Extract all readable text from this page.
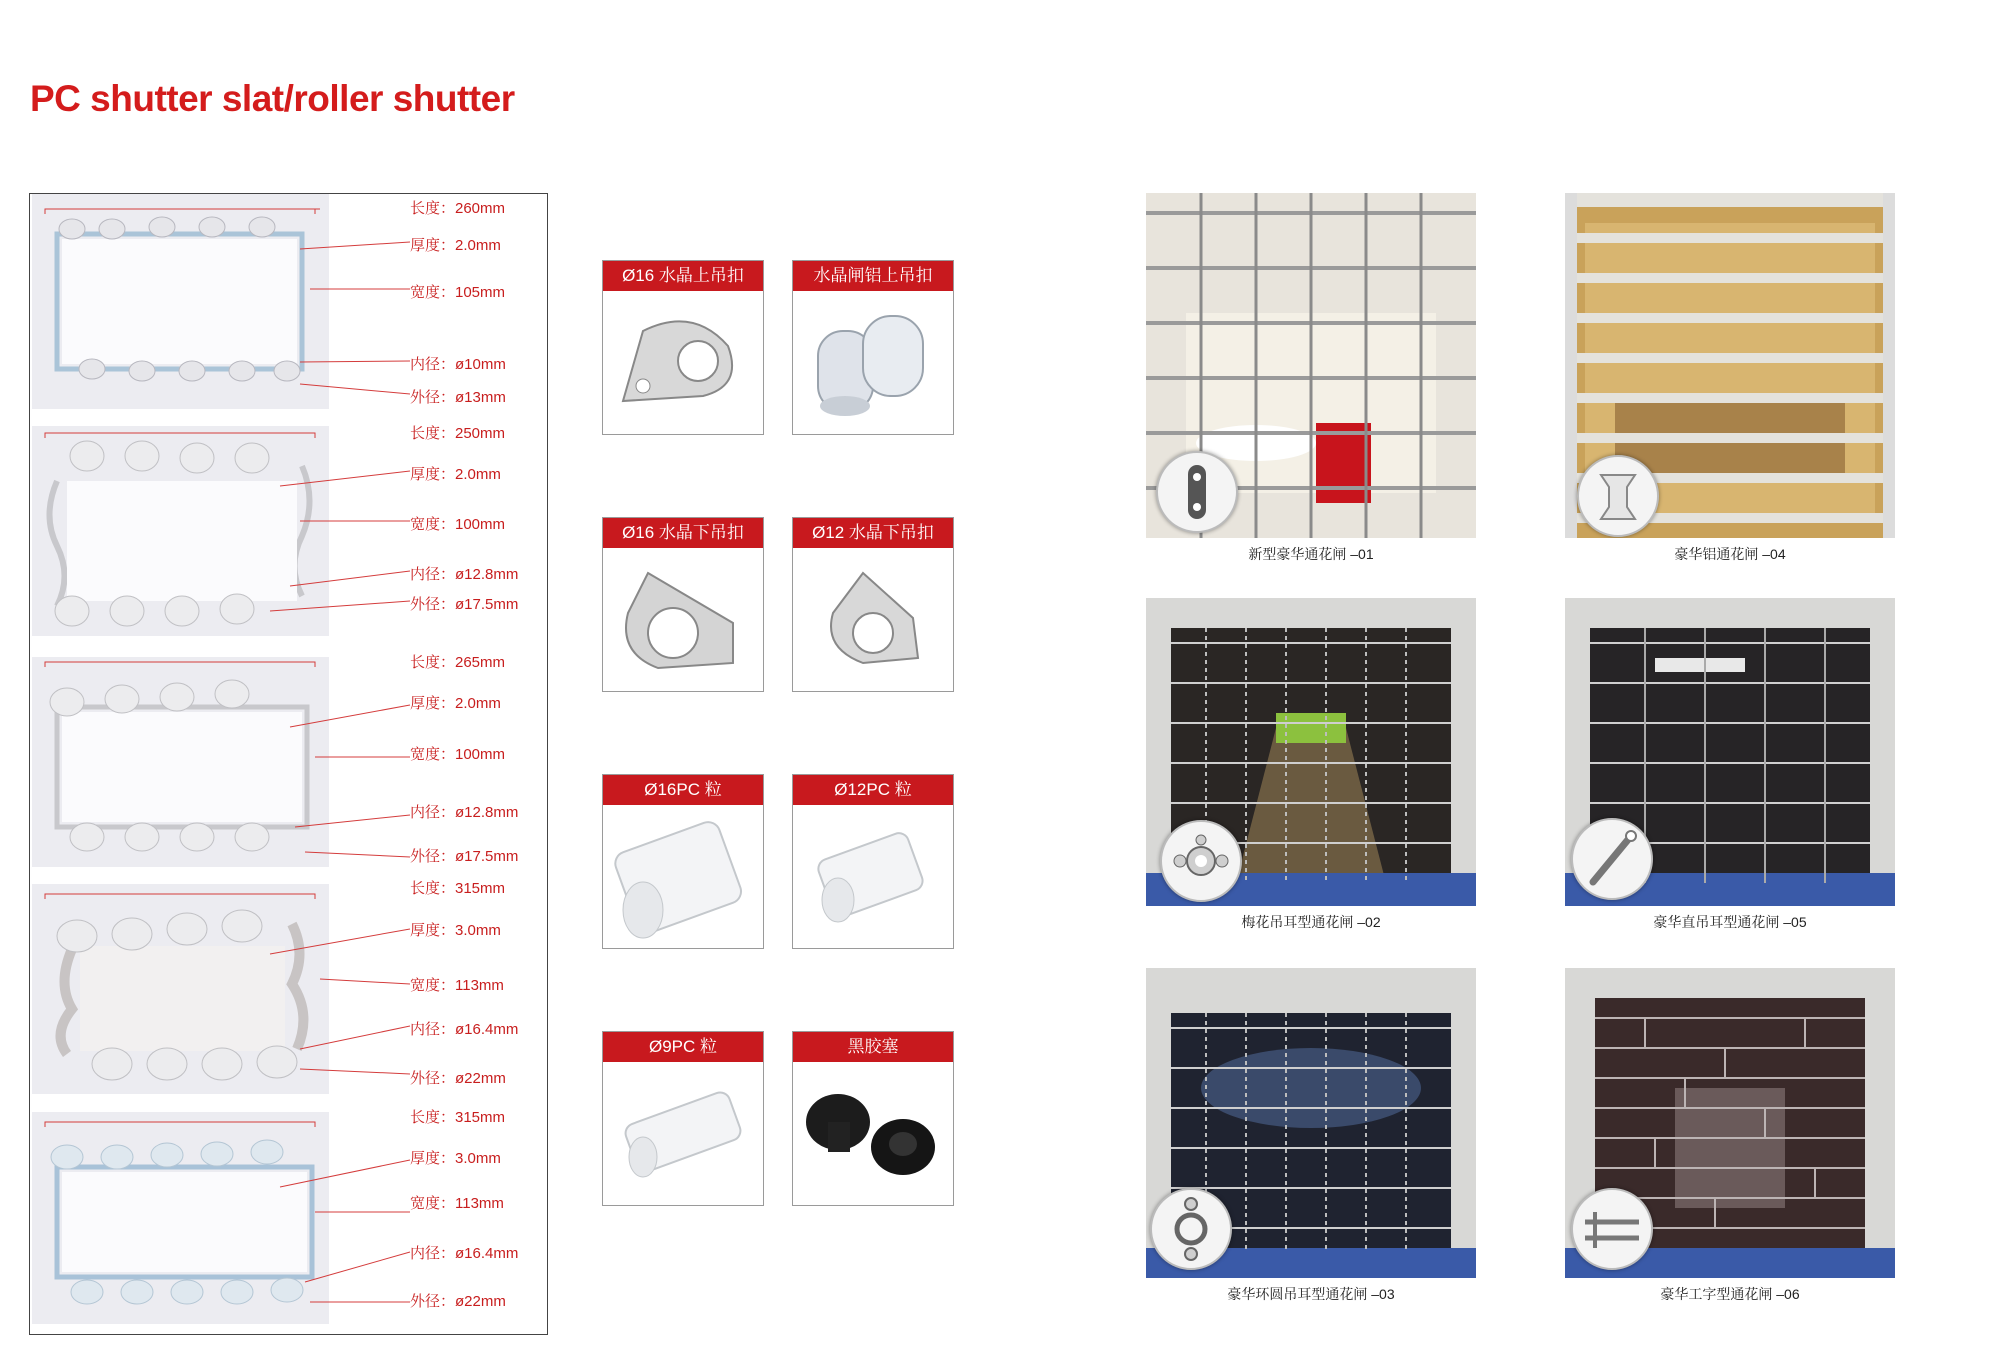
PC shutter slat/roller shutter
长度：260mm
厚度：2.0mm
宽度：105mm
内径：ø10mm
外径：ø13mm
长度：250mm
厚度：2.0mm
宽度：100mm
内径：ø12.8mm
外径：ø17.5mm
长度：265mm
厚度：2.0mm
宽度：100mm
内径：ø12.8mm
外径：ø17.5mm
长度：315mm
厚度：3.0mm
宽度：113mm
内径：ø16.4mm
外径：ø22mm
长度：315mm
厚度：3.0mm
宽度：113mm
内径：ø16.4mm
外径：ø22mm
Ø16 水晶上吊扣	水晶闸铝上吊扣
Ø16 水晶下吊扣	Ø12 水晶下吊扣
Ø16PC 粒	Ø12PC 粒
Ø9PC 粒	黑胶塞
新型豪华通花闸 –01	豪华铝通花闸 –04
梅花吊耳型通花闸 –02	豪华直吊耳型通花闸 –05
豪华环圆吊耳型通花闸 –03	豪华工字型通花闸 –06
